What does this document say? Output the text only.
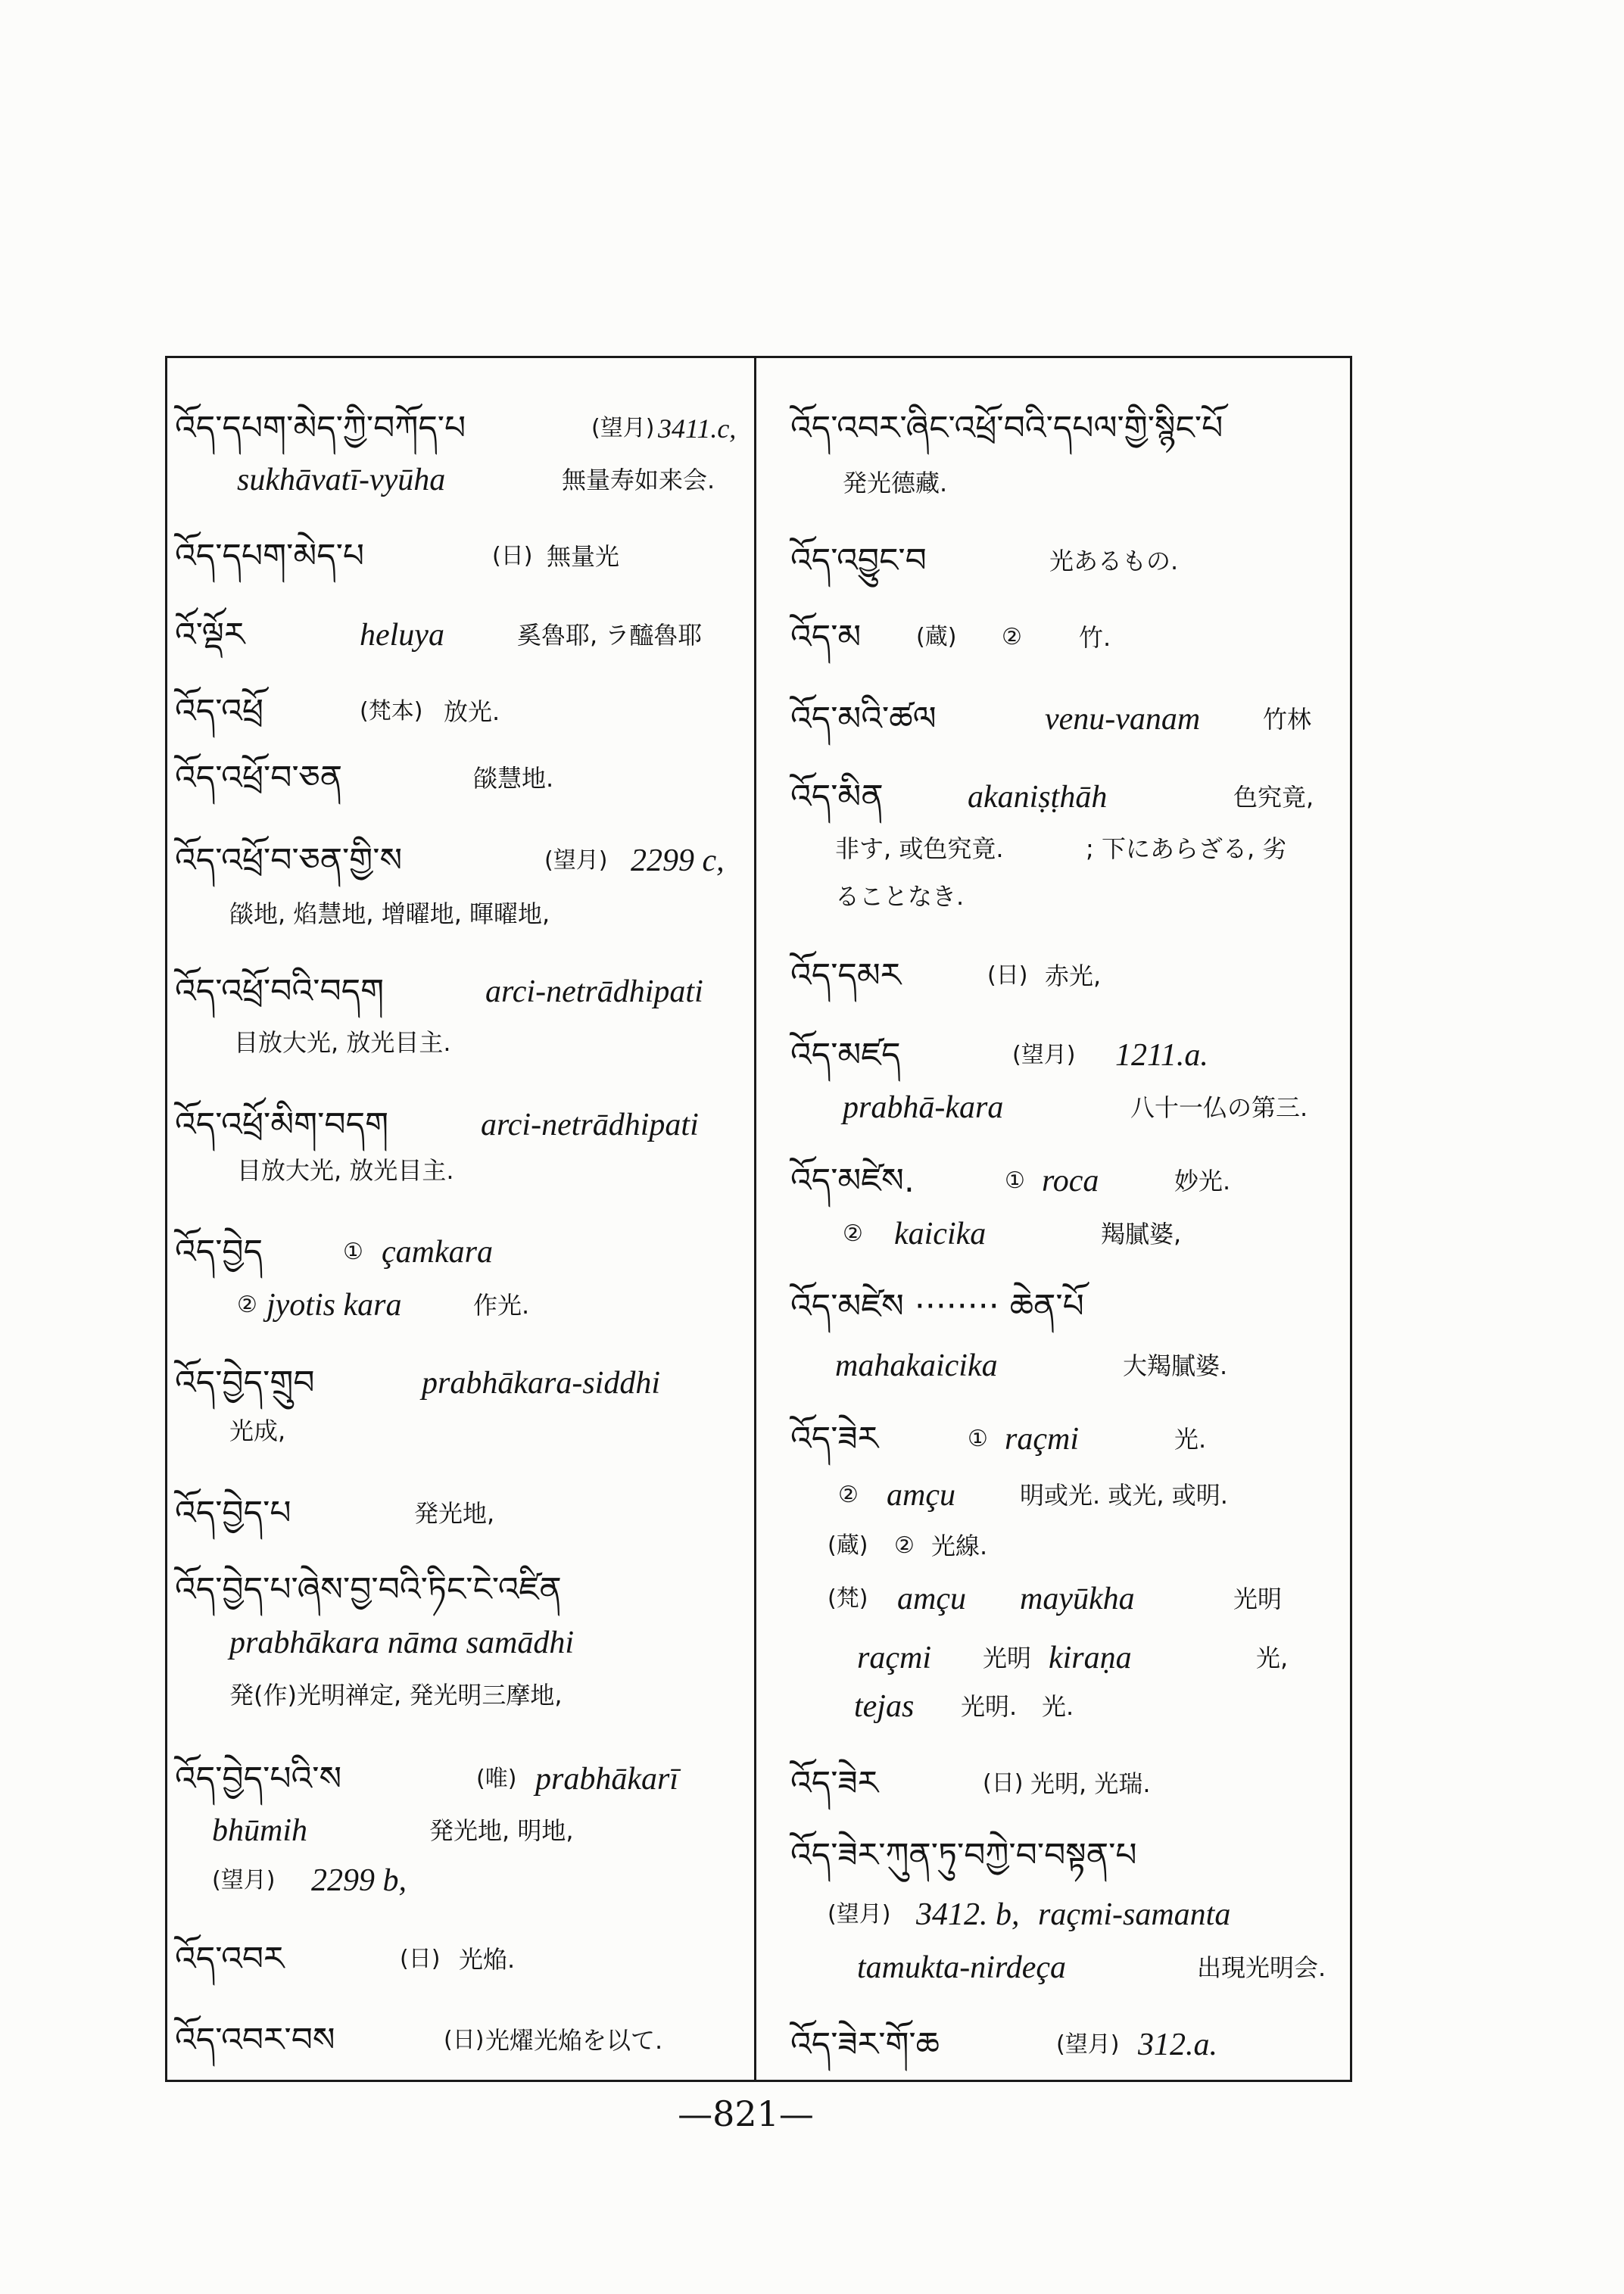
འོད་དཔག་མེད་ཀྱི་བཀོད་པ	(望月) 3411.c,
sukhāvatī-vyūha	無量寿如来会.
འོད་དཔག་མེད་པ	(日) 無量光
འོ་ལྡོར	heluya	奚魯耶, ラ醯魯耶
འོད་འཕྲོ	(梵本) 放光.
འོད་འཕྲོ་བ་ཅན	燄慧地.
འོད་འཕྲོ་བ་ཅན་གྱི་ས	(望月) 2299 c,
燄地, 焰慧地, 增曜地, 暉曜地,
འོད་འཕྲོ་བའི་བདག	arci-netrādhipati
目放大光, 放光目主.
འོད་འཕྲོ་མིག་བདག	arci-netrādhipati
目放大光, 放光目主.
འོད་བྱེད	① çamkara
② jyotis kara	作光.
འོད་བྱེད་གྲུབ	prabhākara-siddhi
光成,
འོད་བྱེད་པ	発光地,
འོད་བྱེད་པ་ཞེས་བྱ་བའི་ཏིང་ངེ་འཛིན
prabhākara nāma samādhi
発(作)光明禅定, 発光明三摩地,
འོད་བྱེད་པའི་ས	(唯) prabhākarī
bhūmih	発光地, 明地,
(望月) 2299 b,
འོད་འབར	(日) 光焔.
འོད་འབར་བས	(日) 光燿光焔を以て.
འོད་འབར་ཞིང་འཕྲོ་བའི་དཔལ་གྱི་སྙིང་པོ
発光德藏.
འོད་འབྱུང་བ	光あるもの.
འོད་མ (蔵) ② 竹.
འོད་མའི་ཚལ	venu-vanam	竹林
འོད་མིན	akaniṣṭhāh	色究竟,
非す, 或色究竟.	; 下にあらざる, 劣
ることなき.
འོད་དམར	(日) 赤光,
འོད་མཛད	(望月) 1211.a.
prabhā-kara	八十一仏の第三.
འོད་མཛེས.	① roca	妙光.
② kaicika	羯膩婆,
འོད་མཛེས ········ ཆེན་པོ
mahakaicika	大羯膩婆.
འོད་ཟེར	① raçmi	光.
② amçu	明或光. 或光, 或明.
(蔵) ② 光線.
(梵) amçu mayūkha	光明
raçmi 光明 kiraṇa	光,
tejas 光明. 光.
འོད་ཟེར	(日) 光明, 光瑞.
འོད་ཟེར་ཀུན་ཏུ་བཀྱེ་བ་བསྟན་པ
(望月) 3412. b, raçmi-samanta
tamukta-nirdeça	出現光明会.
འོད་ཟེར་གོ་ཆ	(望月) 312.a.
—821—
